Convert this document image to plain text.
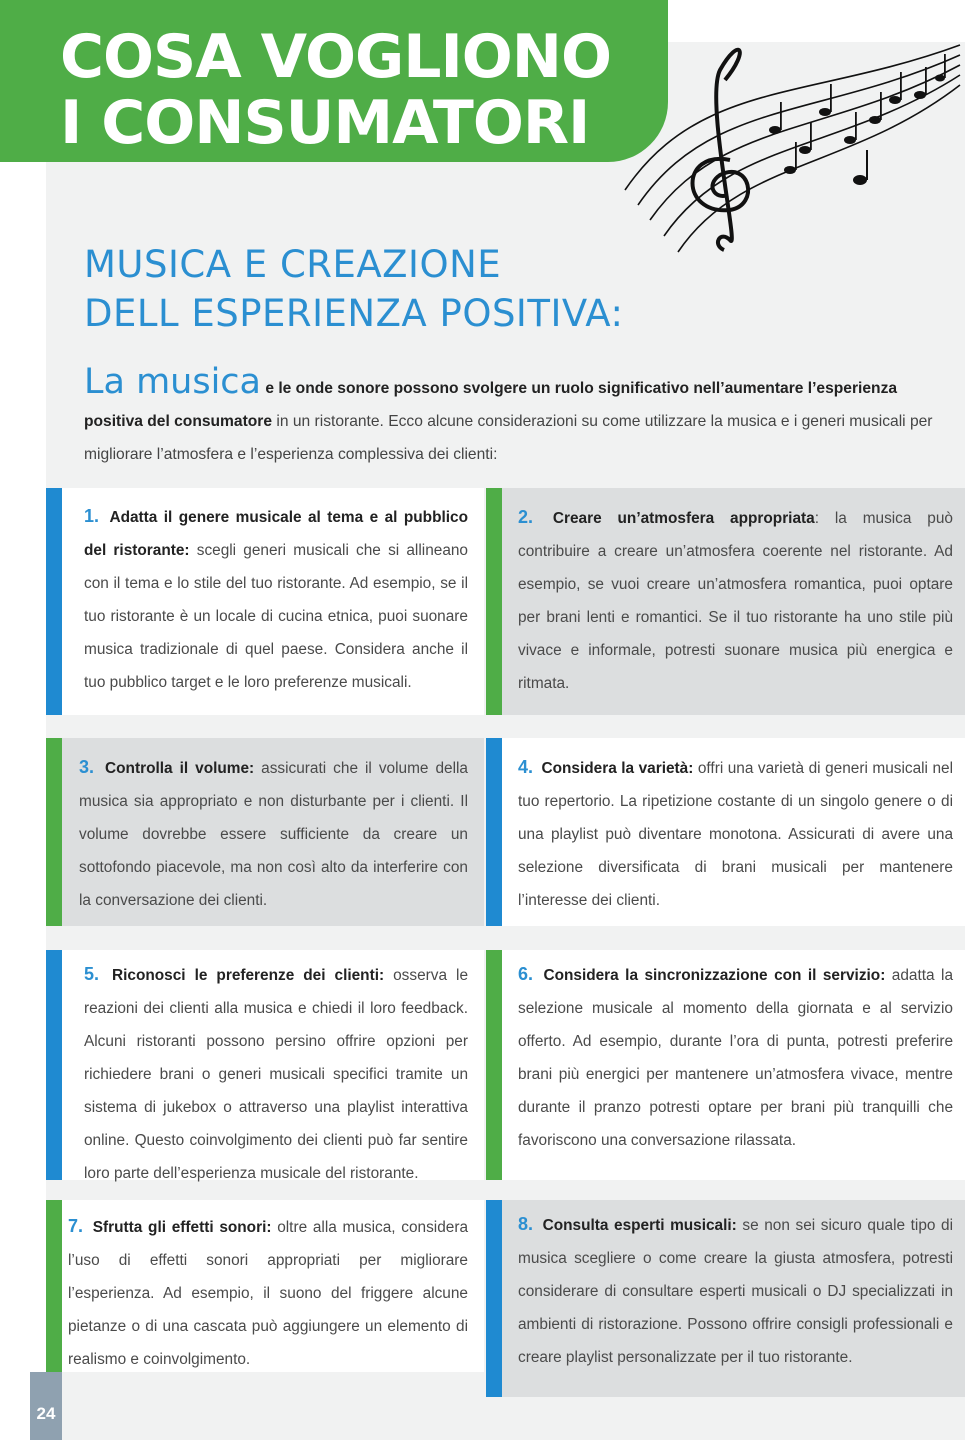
COSA VOGLIONO
I CONSUMATORI
MUSICA E CREAZIONE
DELL ESPERIENZA POSITIVA:
La musica e le onde sonore possono svolgere un ruolo significativo nell’aumentare l’esperienza positiva del consumatore in un ristorante. Ecco alcune considerazioni su come utilizzare la musica e i generi musicali per migliorare l’atmosfera e l’esperienza complessiva dei clienti:

1. Adatta il genere musicale al tema e al pubblico del ristorante: scegli generi musicali che si allineano con il tema e lo stile del tuo ristorante. Ad esempio, se il tuo ristorante è un locale di cucina etnica, puoi suonare musica tradizionale di quel paese. Considera anche il tuo pubblico target e le loro preferenze musicali.

2. Creare un’atmosfera appropriata: la musica può contribuire a creare un’atmosfera coerente nel ristorante. Ad esempio, se vuoi creare un’atmosfera romantica, puoi optare per brani lenti e romantici. Se il tuo ristorante ha uno stile più vivace e informale, potresti suonare musica più energica e ritmata.

3. Controlla il volume: assicurati che il volume della musica sia appropriato e non disturbante per i clienti. Il volume dovrebbe essere sufficiente da creare un sottofondo piacevole, ma non così alto da interferire con la conversazione dei clienti.

4. Considera la varietà: offri una varietà di generi musicali nel tuo repertorio. La ripetizione costante di un singolo genere o di una playlist può diventare monotona. Assicurati di avere una selezione diversificata di brani musicali per mantenere l’interesse dei clienti.

5. Riconosci le preferenze dei clienti: osserva le reazioni dei clienti alla musica e chiedi il loro feedback. Alcuni ristoranti possono persino offrire opzioni per richiedere brani o generi musicali specifici tramite un sistema di jukebox o attraverso una playlist interattiva online. Questo coinvolgimento dei clienti può far sentire loro parte dell’esperienza musicale del ristorante.

6. Considera la sincronizzazione con il servizio: adatta la selezione musicale al momento della giornata e al servizio offerto. Ad esempio, durante l’ora di punta, potresti preferire brani più energici per mantenere un’atmosfera vivace, mentre durante il pranzo potresti optare per brani più tranquilli che favoriscono una conversazione rilassata.

7. Sfrutta gli effetti sonori: oltre alla musica, considera l’uso di effetti sonori appropriati per migliorare l’esperienza. Ad esempio, il suono del friggere alcune pietanze o di una cascata può aggiungere un elemento di realismo e coinvolgimento.

8. Consulta esperti musicali: se non sei sicuro quale tipo di musica scegliere o come creare la giusta atmosfera, potresti considerare di consultare esperti musicali o DJ specializzati in ambienti di ristorazione. Possono offrire consigli professionali e creare playlist personalizzate per il tuo ristorante.

24
